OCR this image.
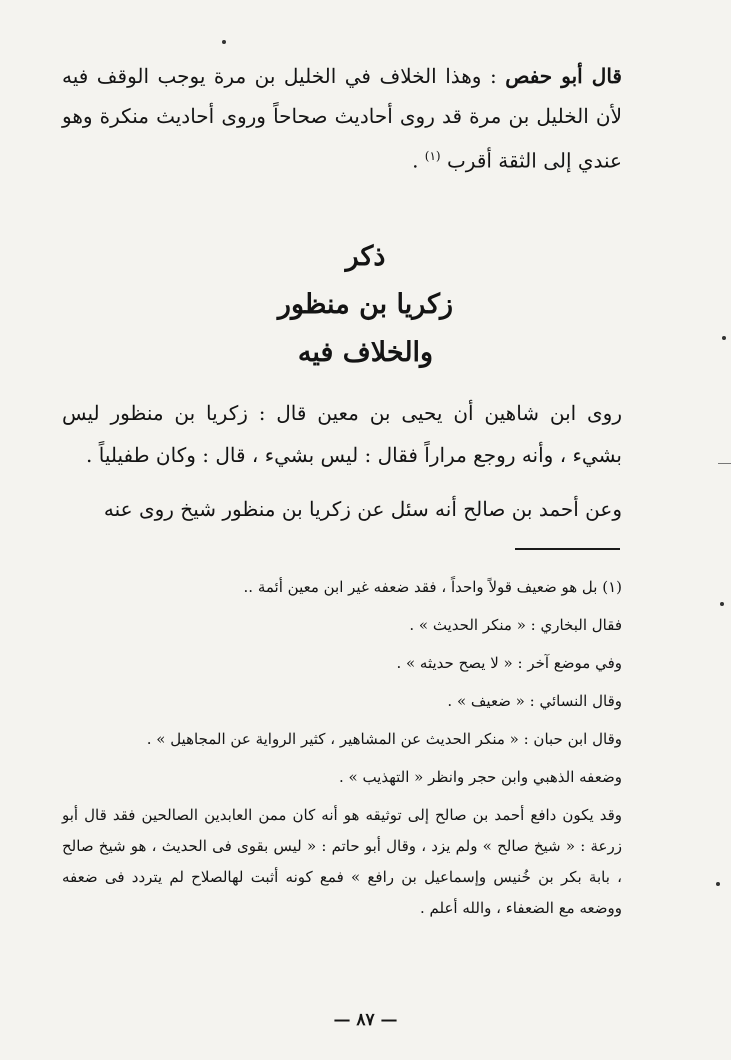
قال أبو حفص : وهذا الخلاف في الخليل بن مرة يوجب الوقف فيه لأن الخليل بن مرة قد روى أحاديث صحاحاً وروى أحاديث منكرة وهو عندي إلى الثقة أقرب $^{(١)}$ .
ذكر
زكريا بن منظور
والخلاف فيه
روى ابن شاهين أن يحيى بن معين قال : زكريا بن منظور ليس بشيء ، وأنه روجع مراراً فقال : ليس بشيء ، قال : وكان طفيلياً .
وعن أحمد بن صالح أنه سئل عن زكريا بن منظور شيخ روى عنه
(١) بل هو ضعيف قولاً واحداً ، فقد ضعفه غير ابن معين أئمة ..
فقال البخاري : « منكر الحديث » .
وفي موضع آخر : « لا يصح حديثه » .
وقال النسائي : « ضعيف » .
وقال ابن حبان : « منكر الحديث عن المشاهير ، كثير الرواية عن المجاهيل » .
وضعفه الذهبي وابن حجر وانظر « التهذيب » .
وقد يكون دافع أحمد بن صالح إلى توثيقه هو أنه كان ممن العابدين الصالحين فقد قال أبو زرعة : « شيخ صالح » ولم يزد ، وقال أبو حاتم : « ليس بقوى فى الحديث ، هو شيخ صالح ، بابة بكر بن خُنيس وإسماعيل بن رافع » فمع كونه أثبت لهالصلاح لم يتردد فى ضعفه ووضعه مع الضعفاء ، والله أعلم .
— ٨٧ —
